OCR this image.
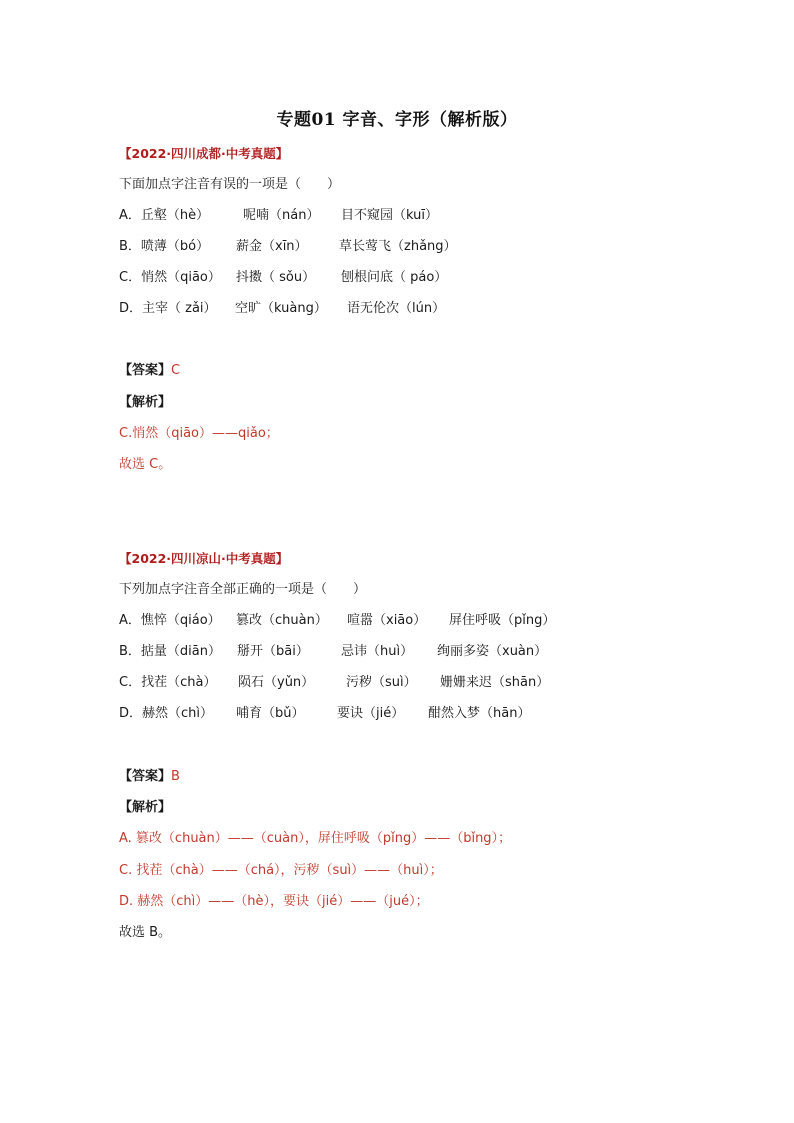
专题01 字音、字形（解析版）
【2022·四川成都·中考真题】
下面加点字注音有误的一项是（　　）
A．丘壑（hè）	呢喃（nán） 目不窥园（kuī）
B．喷薄（bó） 薪金（xīn） 草长莺飞（zhǎng）
C．悄然（qiāo） 抖擞（ sǒu） 刨根问底（ páo）
D．主宰（ zǎi） 空旷（kuàng） 语无伦次（lún）
【答案】C
【解析】
C.悄然（qiāo）——qiǎo；
故选 C。
【2022·四川凉山·中考真题】
下列加点字注音全部正确的一项是（　　）
A．憔悴（qiáo） 篡改（chuàn） 喧嚣（xiāo） 屏住呼吸（pǐng）
B．掂量（diān） 掰开（bāi） 忌讳（huì） 绚丽多姿（xuàn）
C．找茬（chà） 陨石（yǔn） 污秽（suì） 姗姗来迟（shān）
D．赫然（chì） 哺育（bǔ）	要诀（jié） 酣然入梦（hān）
【答案】B
【解析】
A. 篡改（chuàn）——（cuàn），屏住呼吸（pǐng）——（bǐng）；
C. 找茬（chà）——（chá），污秽（suì）——（huì）；
D. 赫然（chì）——（hè），要诀（jié）——（jué）；
故选 B。
